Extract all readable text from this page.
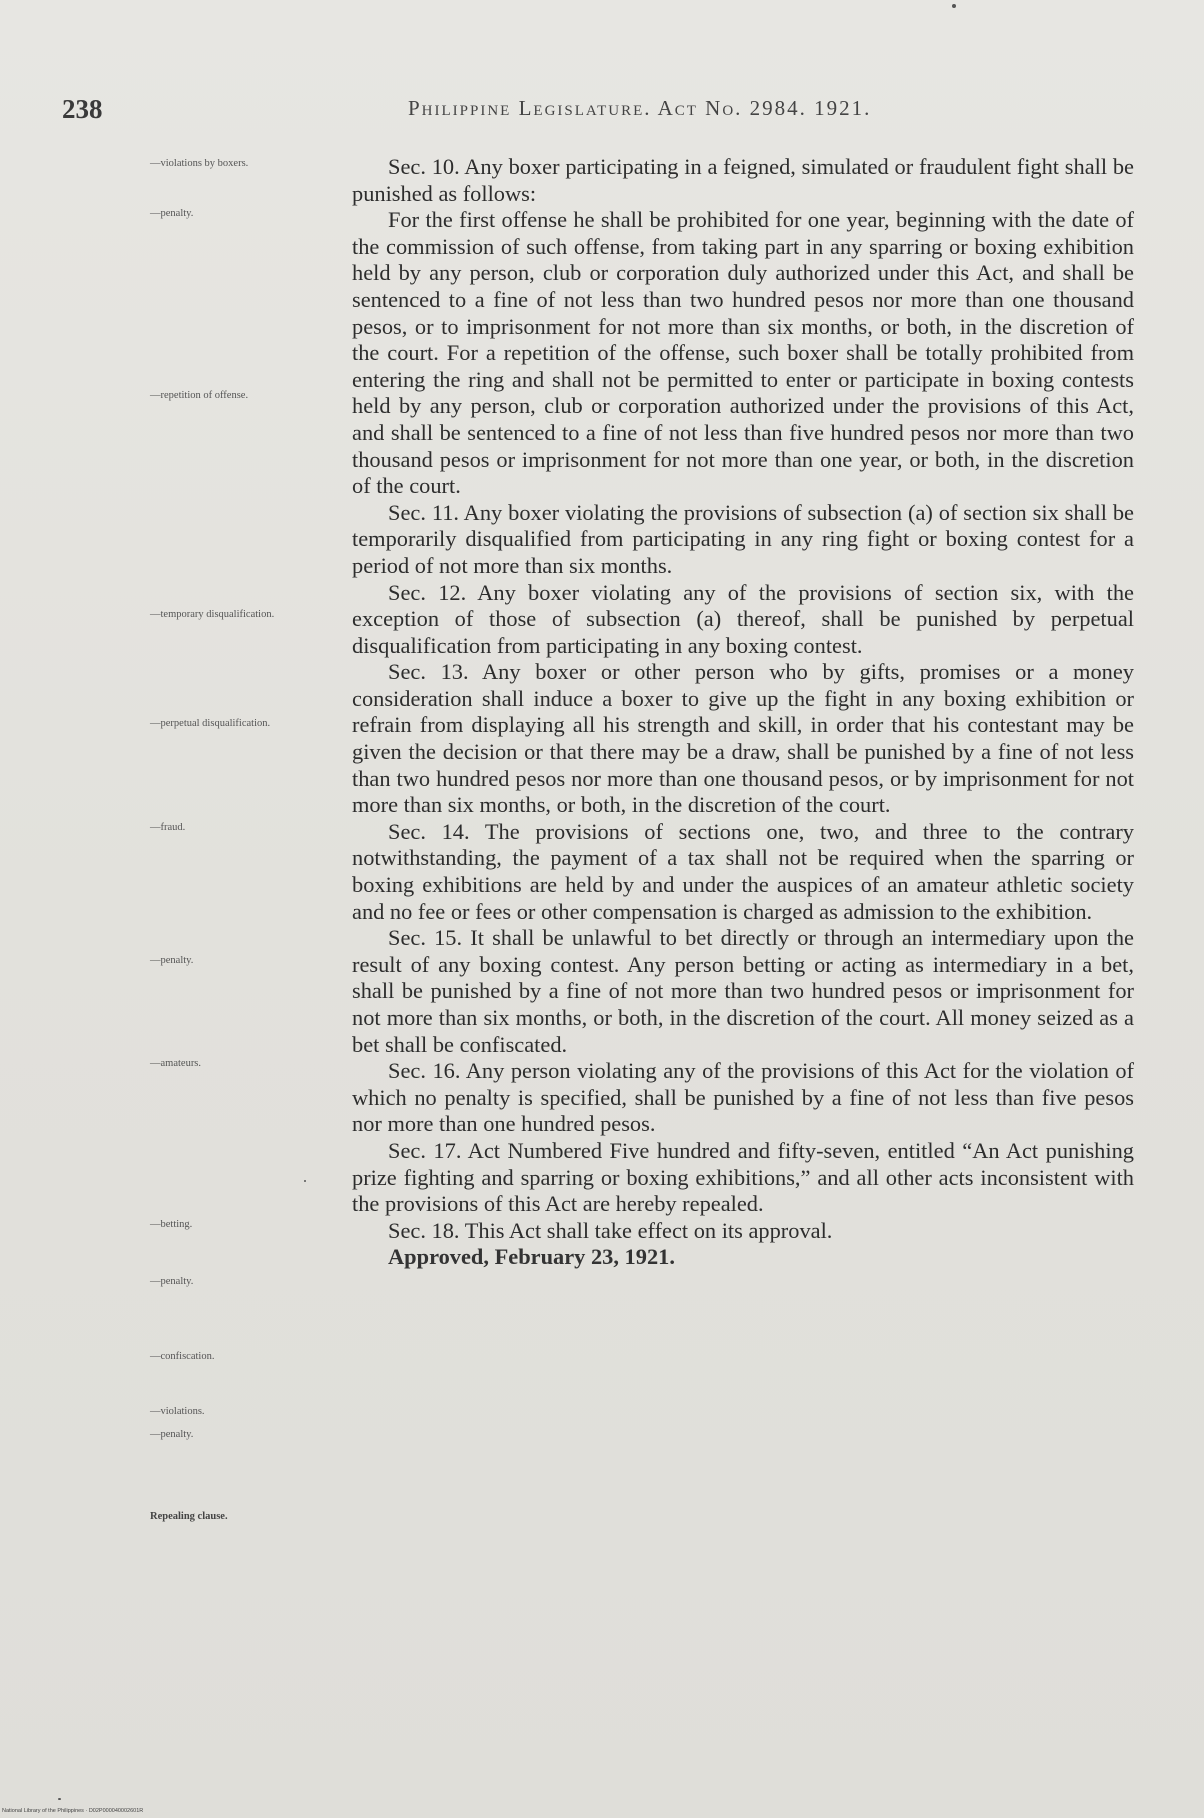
238	Philippine Legislature. Act No. 2984. 1921.
—violations by boxers.
—penalty.
—repetition of offense.
—temporary disqualification.
—perpetual disqualification.
—fraud.
—penalty.
—amateurs.
—betting.
—penalty.
—confiscation.
—violations.
—penalty.
Repealing clause.

Sec. 10. Any boxer participating in a feigned, simulated or fraudulent fight shall be punished as follows:

For the first offense he shall be prohibited for one year, beginning with the date of the commission of such offense, from taking part in any sparring or boxing exhibition held by any person, club or corporation duly authorized under this Act, and shall be sentenced to a fine of not less than two hundred pesos nor more than one thousand pesos, or to imprisonment for not more than six months, or both, in the discretion of the court. For a repetition of the offense, such boxer shall be totally prohibited from entering the ring and shall not be permitted to enter or participate in boxing contests held by any person, club or corporation authorized under the provisions of this Act, and shall be sentenced to a fine of not less than five hundred pesos nor more than two thousand pesos or imprisonment for not more than one year, or both, in the discretion of the court.

Sec. 11. Any boxer violating the provisions of subsection (a) of section six shall be temporarily disqualified from participating in any ring fight or boxing contest for a period of not more than six months.

Sec. 12. Any boxer violating any of the provisions of section six, with the exception of those of subsection (a) thereof, shall be punished by perpetual disqualification from participating in any boxing contest.

Sec. 13. Any boxer or other person who by gifts, promises or a money consideration shall induce a boxer to give up the fight in any boxing exhibition or refrain from displaying all his strength and skill, in order that his contestant may be given the decision or that there may be a draw, shall be punished by a fine of not less than two hundred pesos nor more than one thousand pesos, or by imprisonment for not more than six months, or both, in the discretion of the court.

Sec. 14. The provisions of sections one, two, and three to the contrary notwithstanding, the payment of a tax shall not be required when the sparring or boxing exhibitions are held by and under the auspices of an amateur athletic society and no fee or fees or other compensation is charged as admission to the exhibition.

Sec. 15. It shall be unlawful to bet directly or through an intermediary upon the result of any boxing contest. Any person betting or acting as intermediary in a bet, shall be punished by a fine of not more than two hundred pesos or imprisonment for not more than six months, or both, in the discretion of the court. All money seized as a bet shall be confiscated.

Sec. 16. Any person violating any of the provisions of this Act for the violation of which no penalty is specified, shall be punished by a fine of not less than five pesos nor more than one hundred pesos.

Sec. 17. Act Numbered Five hundred and fifty-seven, entitled “An Act punishing prize fighting and sparring or boxing exhibitions,” and all other acts inconsistent with the provisions of this Act are hereby repealed.

Sec. 18. This Act shall take effect on its approval.

Approved, February 23, 1921.

National Library of the Philippines · D02P000040002601R
